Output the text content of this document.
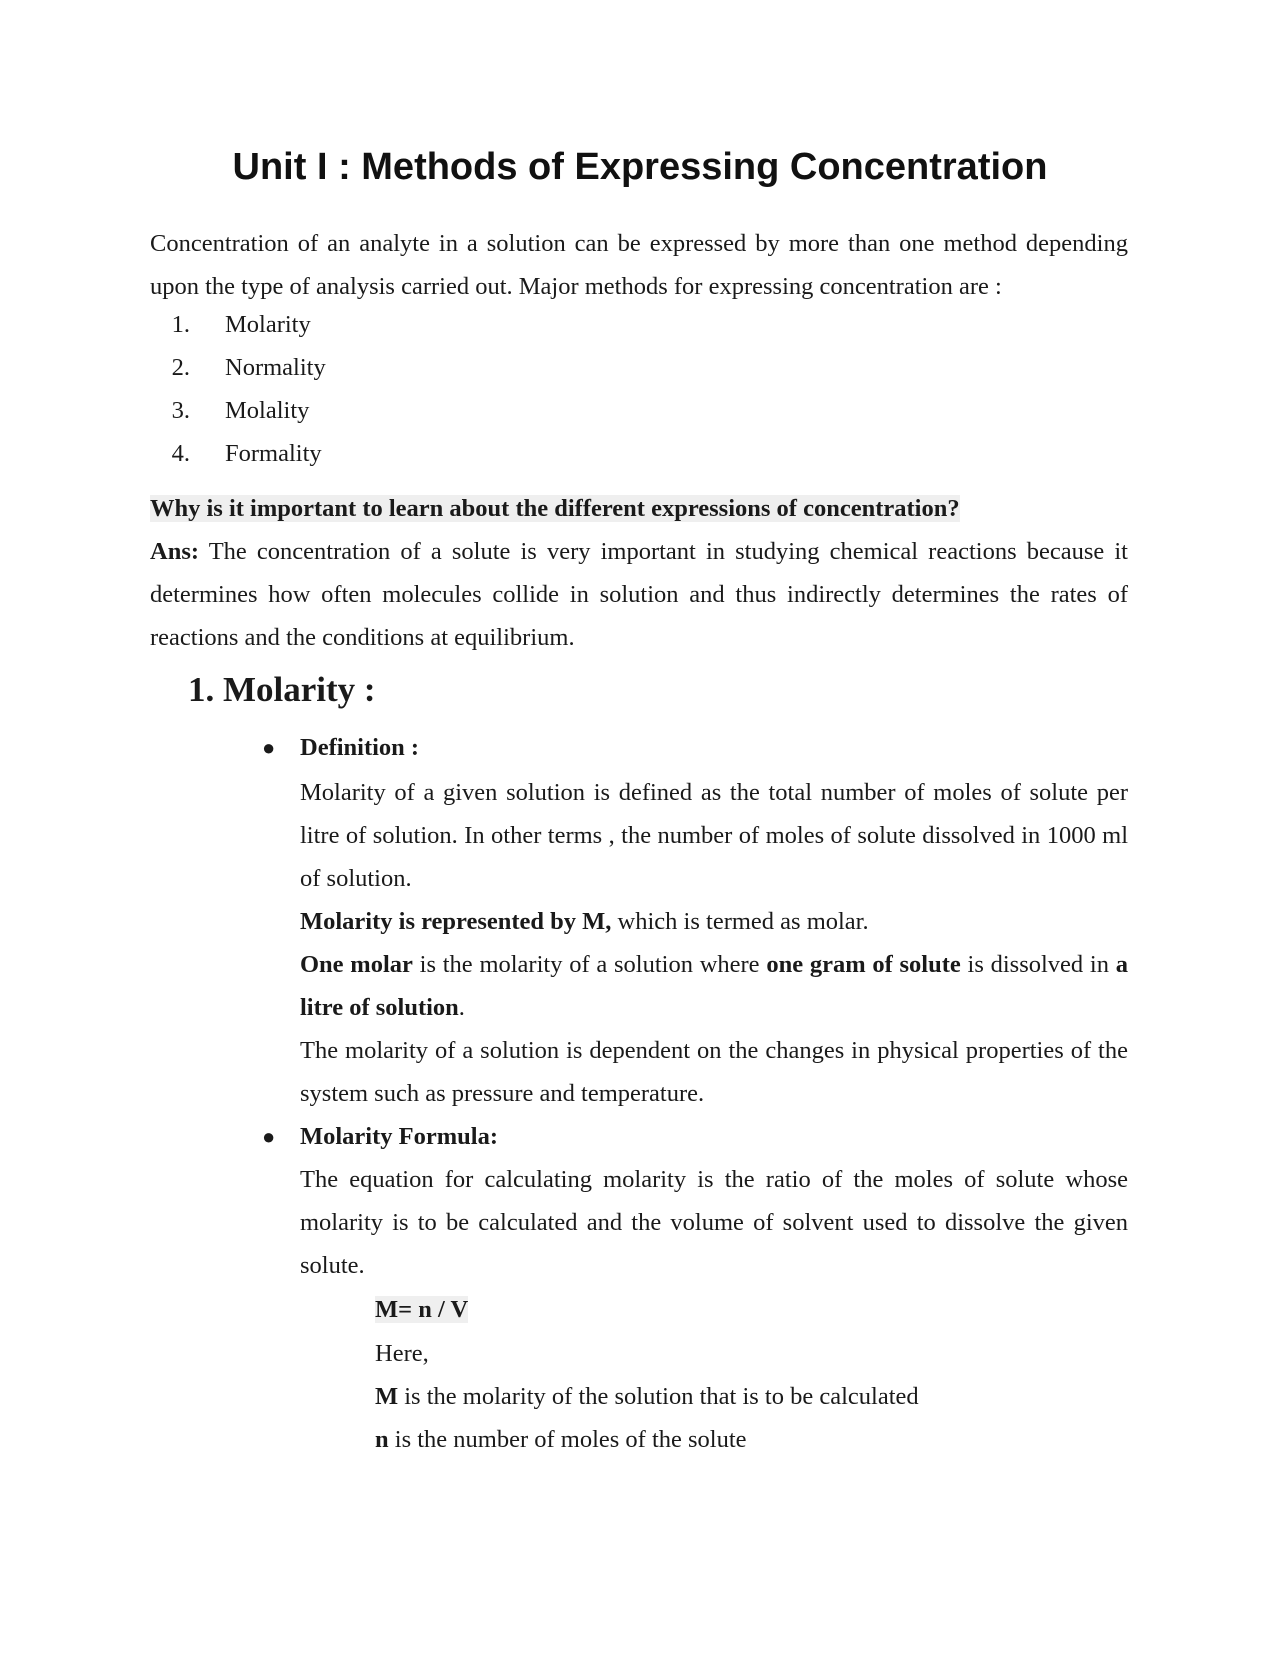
Unit I : Methods of Expressing Concentration

Concentration of an analyte in a solution can be expressed by more than one method depending upon the type of analysis carried out. Major methods for expressing concentration are :

1. Molarity
2. Normality
3. Molality
4. Formality

Why is it important to learn about the different expressions of concentration?

Ans: The concentration of a solute is very important in studying chemical reactions because it determines how often molecules collide in solution and thus indirectly determines the rates of reactions and the conditions at equilibrium.

1. Molarity :
● Definition :

Molarity of a given solution is defined as the total number of moles of solute per litre of solution. In other terms , the number of moles of solute dissolved in 1000 ml of solution.

Molarity is represented by M, which is termed as molar.

One molar is the molarity of a solution where one gram of solute is dissolved in a litre of solution.

The molarity of a solution is dependent on the changes in physical properties of the system such as pressure and temperature.

● Molarity Formula:

The equation for calculating molarity is the ratio of the moles of solute whose molarity is to be calculated and the volume of solvent used to dissolve the given solute.

M= n / V

Here,

M is the molarity of the solution that is to be calculated

n is the number of moles of the solute
